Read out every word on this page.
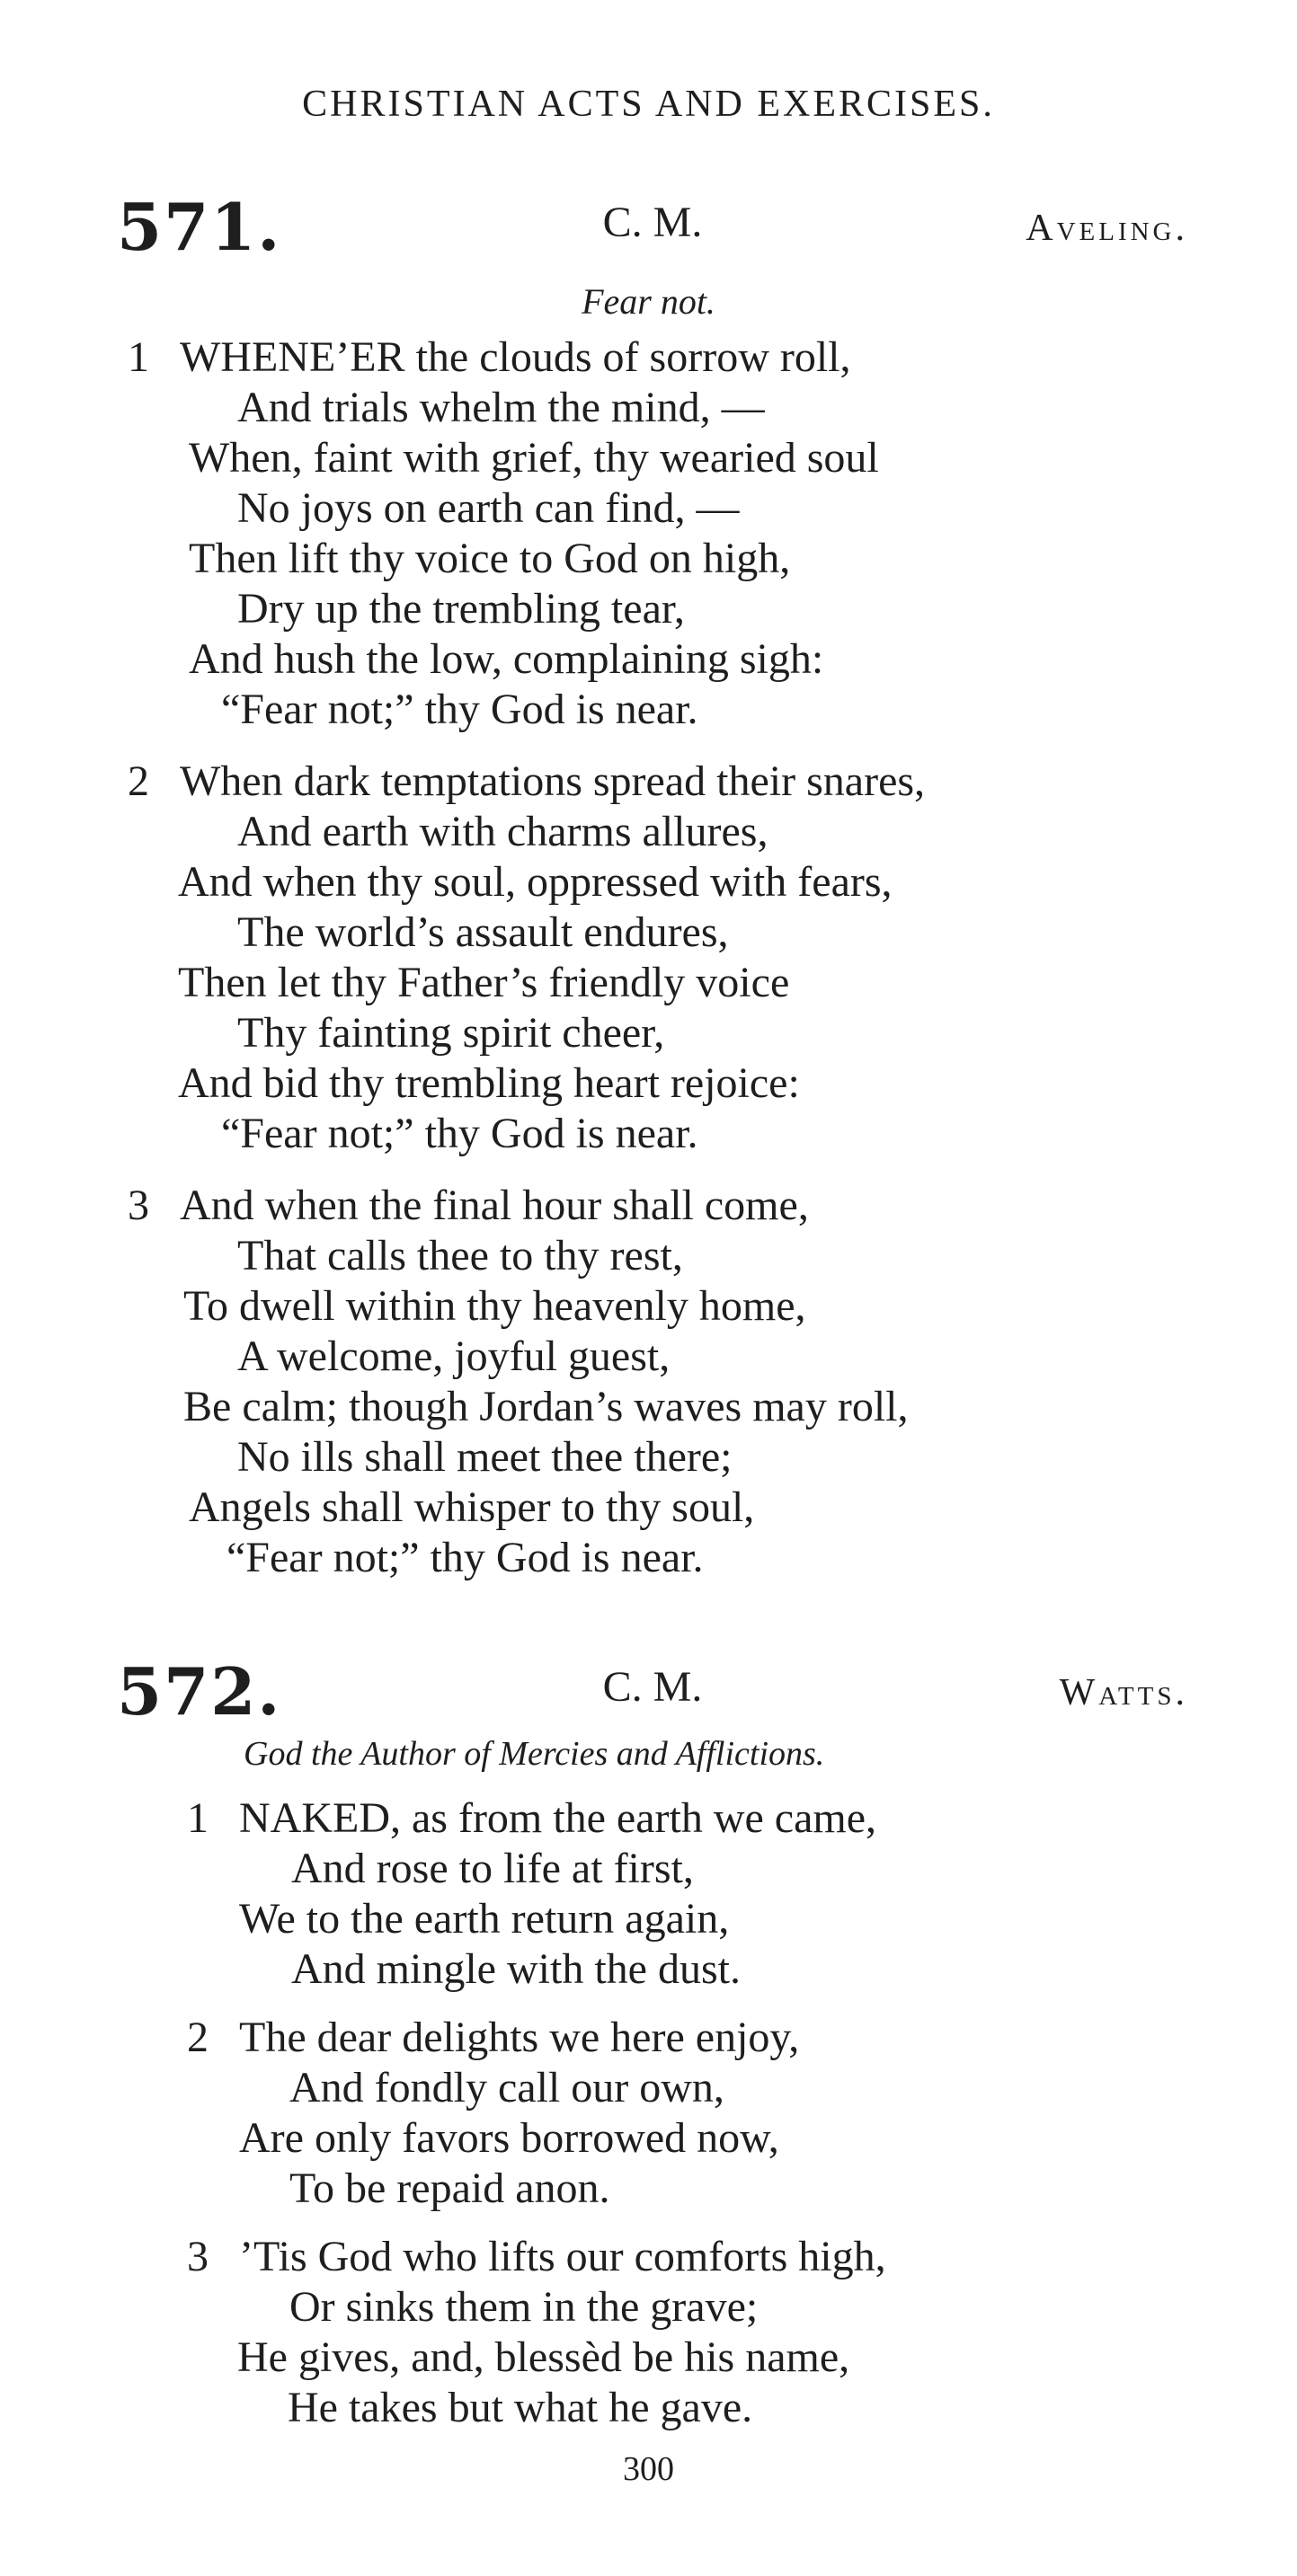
CHRISTIAN ACTS AND EXERCISES.
571.	C. M.	Aveling.
Fear not.
1 WHENE’ER the clouds of sorrow roll,
And trials whelm the mind, —
When, faint with grief, thy wearied soul
No joys on earth can find, —
Then lift thy voice to God on high,
Dry up the trembling tear,
And hush the low, complaining sigh:
“Fear not;” thy God is near.
2 When dark temptations spread their snares,
And earth with charms allures,
And when thy soul, oppressed with fears,
The world’s assault endures,
Then let thy Father’s friendly voice
Thy fainting spirit cheer,
And bid thy trembling heart rejoice:
“Fear not;” thy God is near.
3 And when the final hour shall come,
That calls thee to thy rest,
To dwell within thy heavenly home,
A welcome, joyful guest,
Be calm; though Jordan’s waves may roll,
No ills shall meet thee there;
Angels shall whisper to thy soul,
“Fear not;” thy God is near.
572.	C. M.	Watts.
God the Author of Mercies and Afflictions.
1 NAKED, as from the earth we came,
And rose to life at first,
We to the earth return again,
And mingle with the dust.
2 The dear delights we here enjoy,
And fondly call our own,
Are only favors borrowed now,
To be repaid anon.
3 ’Tis God who lifts our comforts high,
Or sinks them in the grave;
He gives, and, blessèd be his name,
He takes but what he gave.
300
